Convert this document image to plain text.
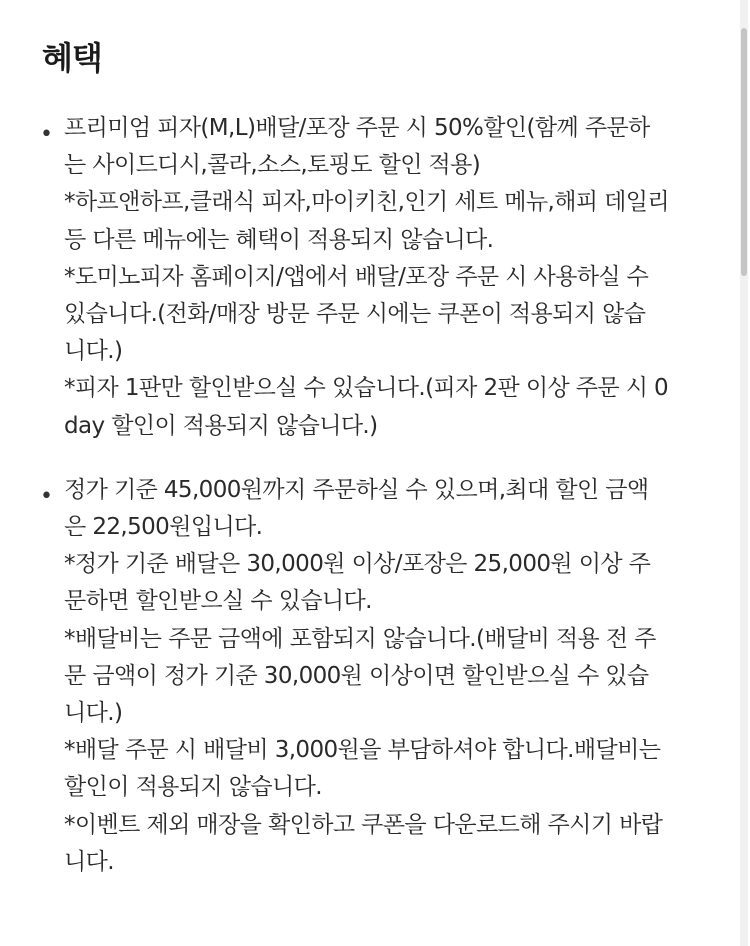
혜택
• 프리미엄 피자(M,L)배달/포장 주문 시 50%할인(함께 주문하
는 사이드디시,콜라,소스,토핑도 할인 적용)
*하프앤하프,클래식 피자,마이키친,인기 세트 메뉴,해피 데일리
등 다른 메뉴에는 혜택이 적용되지 않습니다.
*도미노피자 홈페이지/앱에서 배달/포장 주문 시 사용하실 수
있습니다.(전화/매장 방문 주문 시에는 쿠폰이 적용되지 않습
니다.)
*피자 1판만 할인받으실 수 있습니다.(피자 2판 이상 주문 시 0
day 할인이 적용되지 않습니다.)
• 정가 기준 45,000원까지 주문하실 수 있으며,최대 할인 금액
은 22,500원입니다.
*정가 기준 배달은 30,000원 이상/포장은 25,000원 이상 주
문하면 할인받으실 수 있습니다.
*배달비는 주문 금액에 포함되지 않습니다.(배달비 적용 전 주
문 금액이 정가 기준 30,000원 이상이면 할인받으실 수 있습
니다.)
*배달 주문 시 배달비 3,000원을 부담하셔야 합니다.배달비는
할인이 적용되지 않습니다.
*이벤트 제외 매장을 확인하고 쿠폰을 다운로드해 주시기 바랍
니다.
